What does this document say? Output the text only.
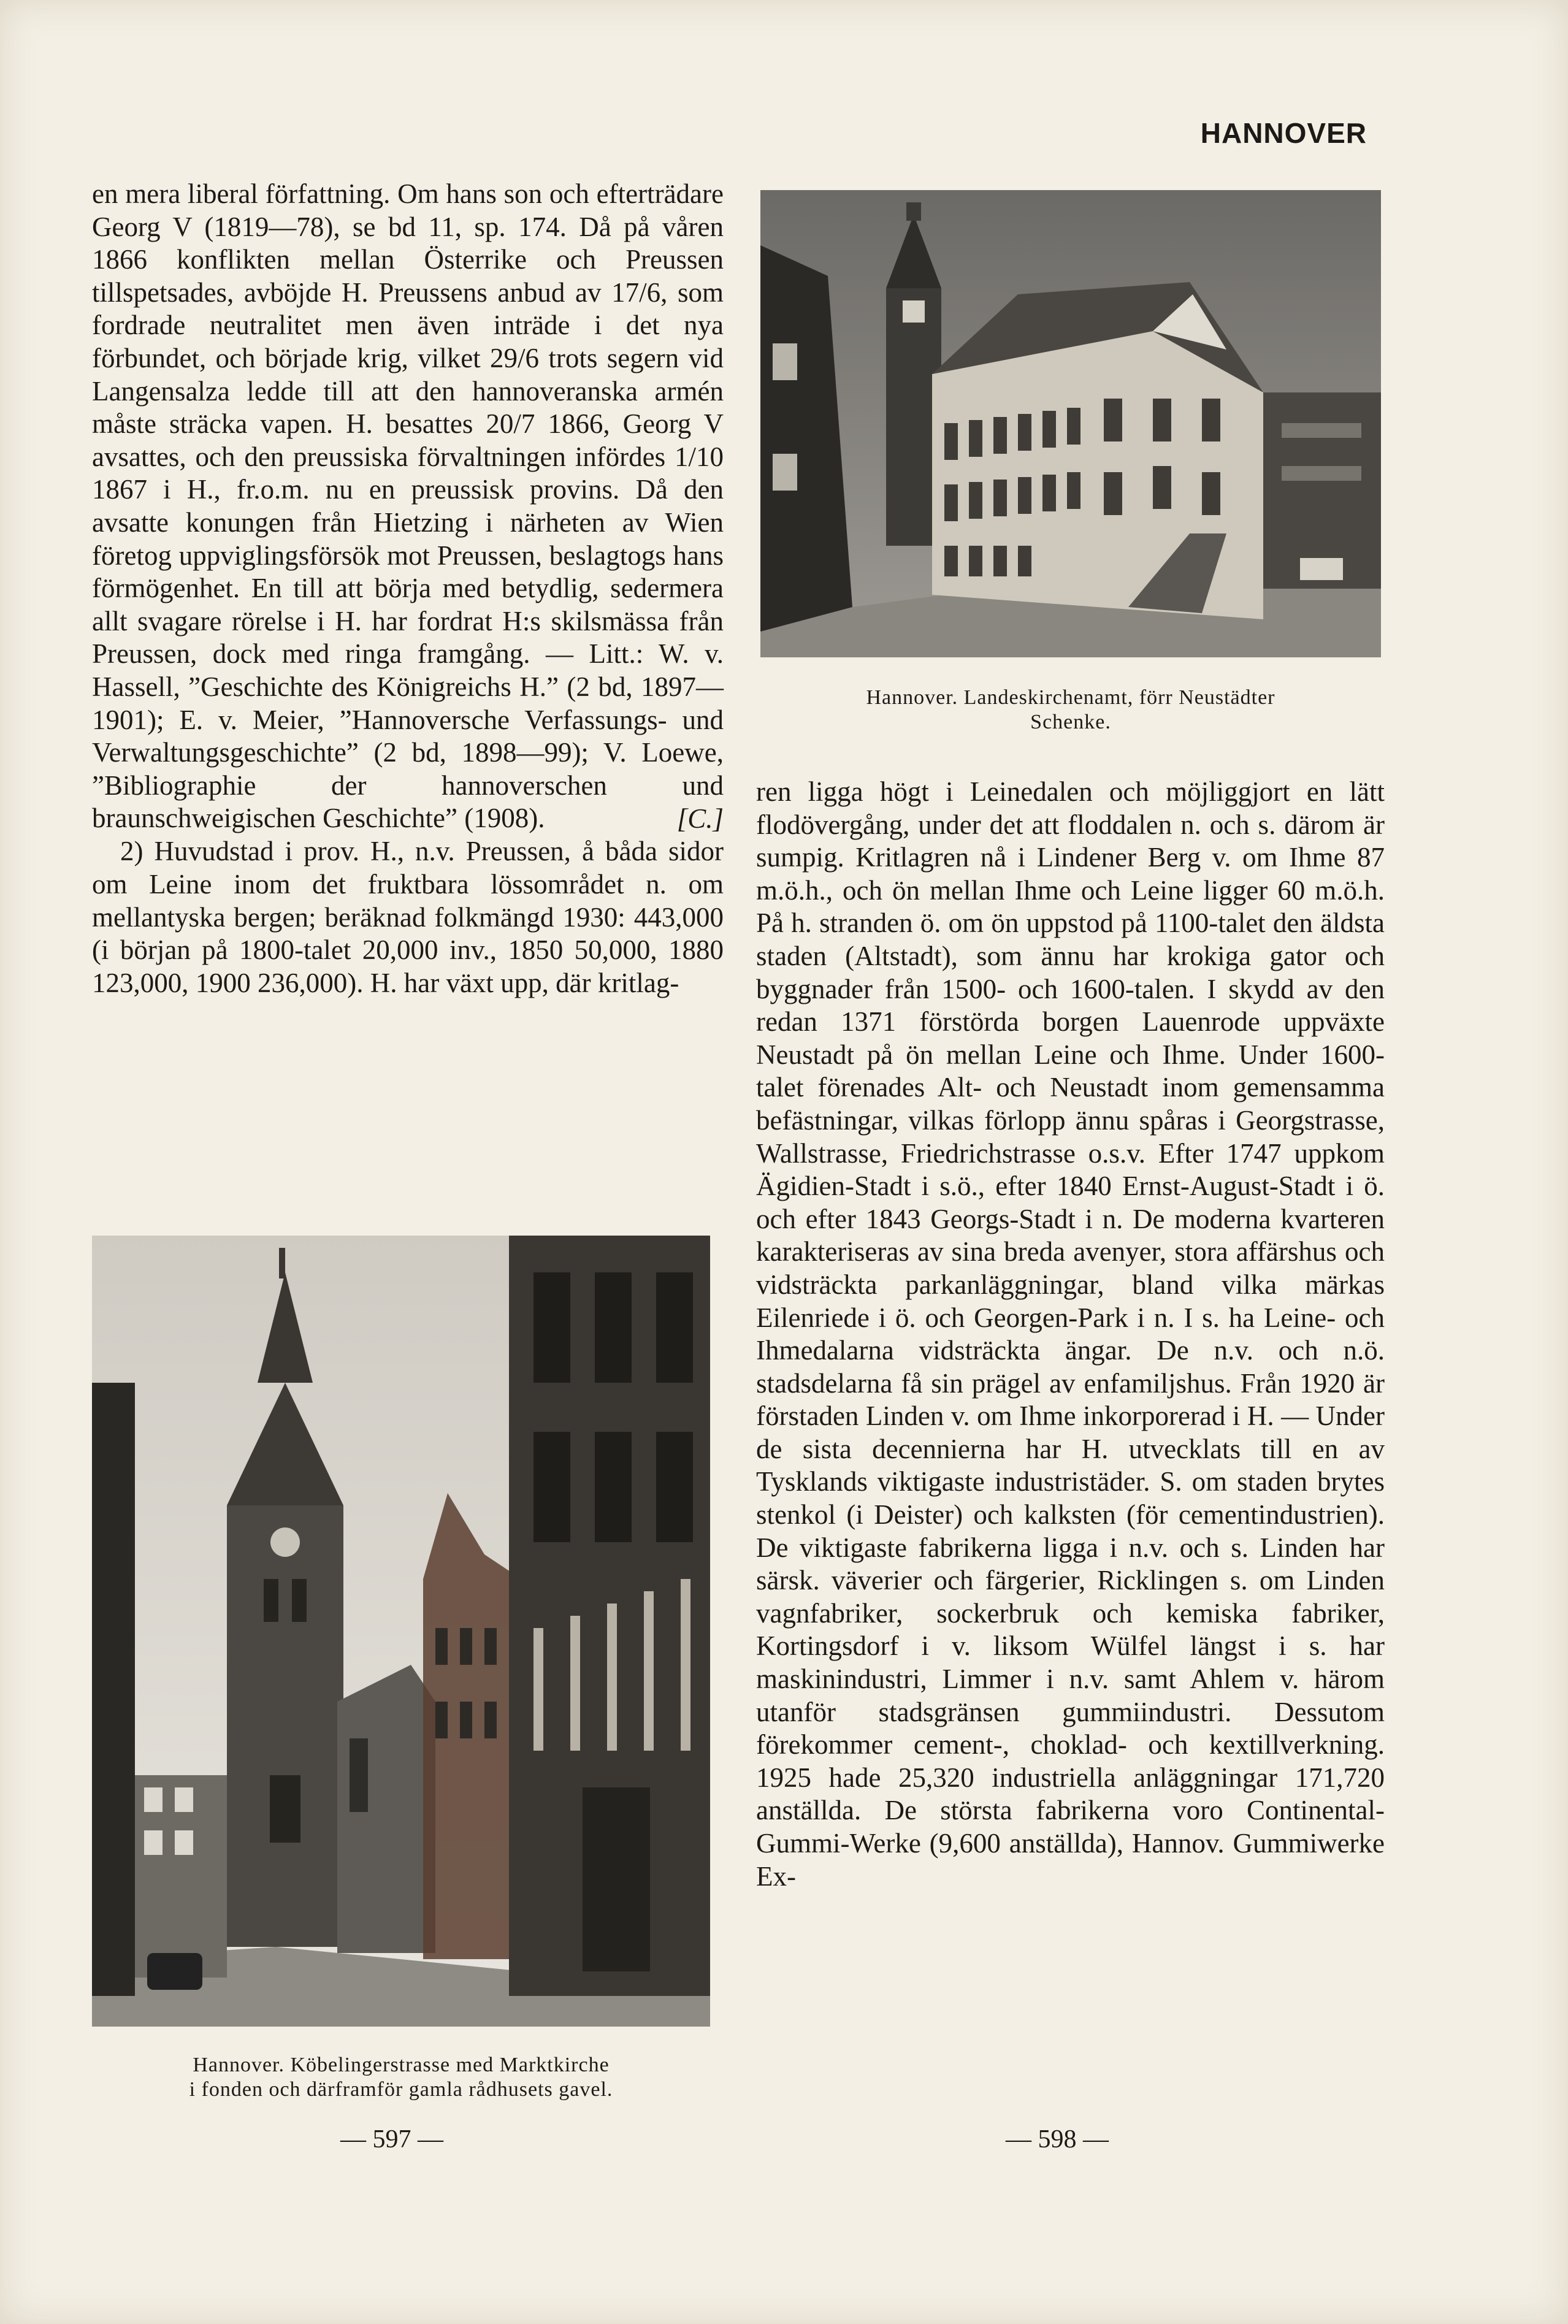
HANNOVER

en mera liberal författning. Om hans son och efterträdare Georg V (1819—78), se bd 11, sp. 174. Då på våren 1866 konflikten mellan Österrike och Preussen tillspetsades, avböjde H. Preussens anbud av 17/6, som fordrade neutralitet men även inträde i det nya förbundet, och började krig, vilket 29/6 trots segern vid Langensalza ledde till att den hannoveranska armén måste sträcka vapen. H. besattes 20/7 1866, Georg V avsattes, och den preussiska förvaltningen infördes 1/10 1867 i H., fr.o.m. nu en preussisk provins. Då den avsatte konungen från Hietzing i närheten av Wien företog uppviglingsförsök mot Preussen, beslagtogs hans förmögenhet. En till att börja med betydlig, sedermera allt svagare rörelse i H. har fordrat H:s skilsmässa från Preussen, dock med ringa framgång. — Litt.: W. v. Hassell, ”Geschichte des Königreichs H.” (2 bd, 1897—1901); E. v. Meier, ”Hannoversche Verfassungs- und Verwaltungsgeschichte” (2 bd, 1898—99); V. Loewe, ”Bibliographie der hannoverschen und braunschweigischen Geschichte” (1908).	[C.]

2) Huvudstad i prov. H., n.v. Preussen, å båda sidor om Leine inom det fruktbara lössområdet n. om mellantyska bergen; beräknad folkmängd 1930: 443,000 (i början på 1800-talet 20,000 inv., 1850 50,000, 1880 123,000, 1900 236,000). H. har växt upp, där kritlag-

Hannover. Landeskirchenamt, förr Neustädter
Schenke.
Hannover. Köbelingerstrasse med Marktkirche
i fonden och därframför gamla rådhusets gavel.

ren ligga högt i Leinedalen och möjliggjort en lätt flodövergång, under det att floddalen n. och s. därom är sumpig. Kritlagren nå i Lindener Berg v. om Ihme 87 m.ö.h., och ön mellan Ihme och Leine ligger 60 m.ö.h. På h. stranden ö. om ön uppstod på 1100-talet den äldsta staden (Altstadt), som ännu har krokiga gator och byggnader från 1500- och 1600-talen. I skydd av den redan 1371 förstörda borgen Lauenrode uppväxte Neustadt på ön mellan Leine och Ihme. Under 1600-talet förenades Alt- och Neustadt inom gemensamma befästningar, vilkas förlopp ännu spåras i Georgstrasse, Wallstrasse, Friedrichstrasse o.s.v. Efter 1747 uppkom Ägidien-Stadt i s.ö., efter 1840 Ernst-August-Stadt i ö. och efter 1843 Georgs-Stadt i n. De moderna kvarteren karakteriseras av sina breda avenyer, stora affärshus och vidsträckta parkanläggningar, bland vilka märkas Eilenriede i ö. och Georgen-Park i n. I s. ha Leine- och Ihmedalarna vidsträckta ängar. De n.v. och n.ö. stadsdelarna få sin prägel av enfamiljshus. Från 1920 är förstaden Linden v. om Ihme inkorporerad i H. — Under de sista decennierna har H. utvecklats till en av Tysklands viktigaste industristäder. S. om staden brytes stenkol (i Deister) och kalksten (för cementindustrien). De viktigaste fabrikerna ligga i n.v. och s. Linden har särsk. väverier och färgerier, Ricklingen s. om Linden vagnfabriker, sockerbruk och kemiska fabriker, Kortingsdorf i v. liksom Wülfel längst i s. har maskinindustri, Limmer i n.v. samt Ahlem v. härom utanför stadsgränsen gummiindustri. Dessutom förekommer cement-, choklad- och kextillverkning. 1925 hade 25,320 industriella anläggningar 171,720 anställda. De största fabrikerna voro Continental-Gummi-Werke (9,600 anställda), Hannov. Gummiwerke Ex-

— 597 —	— 598 —
